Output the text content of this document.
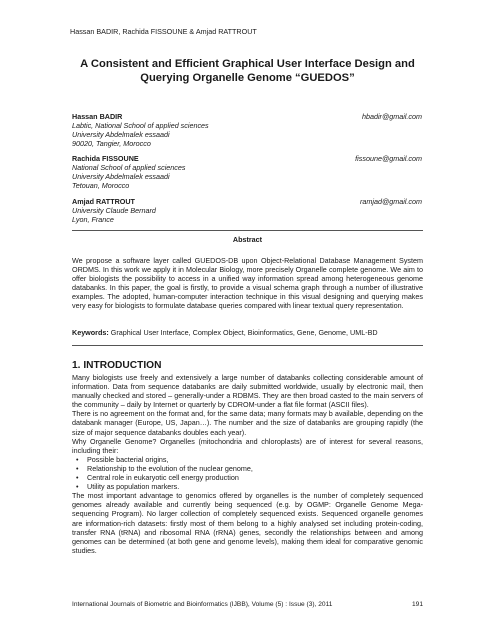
Hassan BADIR, Rachida FISSOUNE & Amjad RATTROUT
A Consistent and Efficient Graphical User Interface Design and
Querying Organelle Genome “GUEDOS”
Hassan BADIR	hbadir@gmail.com
Labtic, National School of applied sciences
University Abdelmalek essaadi
90020, Tangier, Morocco
Rachida FISSOUNE	fissoune@gmail.com
National School of applied sciences
University Abdelmalek essaadi
Tetouan, Morocco
Amjad RATTROUT	ramjad@gmail.com
University Claude Bernard
Lyon, France
Abstract
We propose a software layer called GUEDOS-DB upon Object-Relational Database Management System ORDMS. In this work we apply it in Molecular Biology, more precisely Organelle complete genome. We aim to offer biologists the possibility to access in a unified way information spread among heterogeneous genome databanks. In this paper, the goal is firstly, to provide a visual schema graph through a number of illustrative examples. The adopted, human-computer interaction technique in this visual designing and querying makes very easy for biologists to formulate database queries compared with linear textual query representation.
Keywords: Graphical User Interface, Complex Object, Bioinformatics, Gene, Genome, UML-BD
1. INTRODUCTION
Many biologists use freely and extensively a large number of databanks collecting considerable amount of information. Data from sequence databanks are daily submitted worldwide, usually by electronic mail, then manually checked and stored – generally-under a RDBMS. They are then broad casted to the main servers of the community – daily by Internet or quarterly by CDROM-under a flat file format (ASCII files).
There is no agreement on the format and, for the same data; many formats may b available, depending on the databank manager (Europe, US, Japan…). The number and the size of databanks are grouping rapidly (the size of major sequence databanks doubles each year).
Why Organelle Genome? Organelles (mitochondria and chloroplasts) are of interest for several reasons, including their:
• Possible bacterial origins,
• Relationship to the evolution of the nuclear genome,
• Central role in eukaryotic cell energy production
• Utility as population markers.
The most important advantage to genomics offered by organelles is the number of completely sequenced genomes already available and currently being sequenced (e.g. by OGMP: Organelle Genome Mega-sequencing Program). No larger collection of completely sequenced exists. Sequenced organelle genomes are information-rich datasets: firstly most of them belong to a highly analysed set including protein-coding, transfer RNA (tRNA) and ribosomal RNA (rRNA) genes, secondly the relationships between and among genomes can be determined (at both gene and genome levels), making them ideal for comparative genomic studies.
International Journals of Biometric and Bioinformatics (IJBB), Volume (5) : Issue (3), 2011	191
